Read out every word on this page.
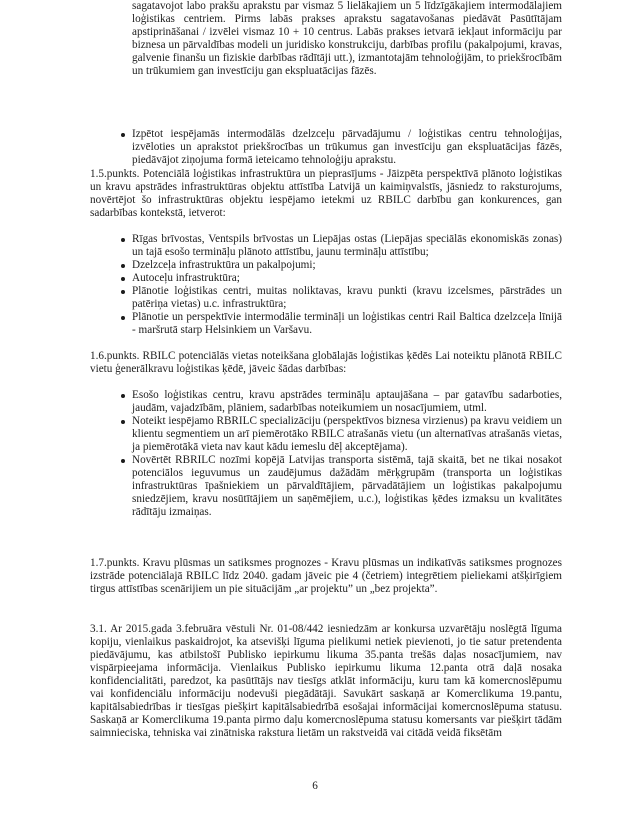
sagatavojot labo prakšu aprakstu par vismaz 5 lielākajiem un 5 līdzīgākajiem intermodālajiem loģistikas centriem. Pirms labās prakses aprakstu sagatavošanas piedāvāt Pasūtītājam apstiprināšanai / izvēlei vismaz 10 + 10 centrus. Labās prakses ietvarā iekļaut informāciju par biznesa un pārvaldības modeli un juridisko konstrukciju, darbības profilu (pakalpojumi, kravas, galvenie finanšu un fiziskie darbības rādītāji utt.), izmantotajām tehnoloģijām, to priekšrocībām un trūkumiem gan investīciju gan ekspluatācijas fāzēs.

Izpētot iespējamās intermodālās dzelzceļu pārvadājumu / loģistikas centru tehnoloģijas, izvēloties un aprakstot priekšrocības un trūkumus gan investīciju gan ekspluatācijas fāzēs, piedāvājot ziņojuma formā ieteicamo tehnoloģiju aprakstu.

1.5.punkts. Potenciālā loģistikas infrastruktūra un pieprasījums - Jāizpēta perspektīvā plānoto loģistikas un kravu apstrādes infrastruktūras objektu attīstība Latvijā un kaimiņvalstīs, jāsniedz to raksturojums, novērtējot šo infrastruktūras objektu iespējamo ietekmi uz RBILC darbību gan konkurences, gan sadarbības kontekstā, ietverot:

Rīgas brīvostas, Ventspils brīvostas un Liepājas ostas (Liepājas speciālās ekonomiskās zonas) un tajā esošo termināļu plānoto attīstību, jaunu termināļu attīstību;
Dzelzceļa infrastruktūra un pakalpojumi;
Autoceļu infrastruktūra;
Plānotie loģistikas centri, muitas noliktavas, kravu punkti (kravu izcelsmes, pārstrādes un patēriņa vietas) u.c. infrastruktūra;
Plānotie un perspektīvie intermodālie termināļi un loģistikas centri Rail Baltica dzelzceļa līnijā - maršrutā starp Helsinkiem un Varšavu.

1.6.punkts. RBILC potenciālās vietas noteikšana globālajās loģistikas ķēdēs Lai noteiktu plānotā RBILC vietu ģenerālkravu loģistikas ķēdē, jāveic šādas darbības:

Esošo loģistikas centru, kravu apstrādes termināļu aptaujāšana – par gatavību sadarboties, jaudām, vajadzībām, plāniem, sadarbības noteikumiem un nosacījumiem, utml.
Noteikt iespējamo RBRILC specializāciju (perspektīvos biznesa virzienus) pa kravu veidiem un klientu segmentiem un arī piemērotāko RBILC atrašanās vietu (un alternatīvas atrašanās vietas, ja piemērotākā vieta nav kaut kādu iemeslu dēļ akceptējama).
Novērtēt RBRILC nozīmi kopējā Latvijas transporta sistēmā, tajā skaitā, bet ne tikai nosakot potenciālos ieguvumus un zaudējumus dažādām mērķgrupām (transporta un loģistikas infrastruktūras īpašniekiem un pārvaldītājiem, pārvadātājiem un loģistikas pakalpojumu sniedzējiem, kravu nosūtītājiem un saņēmējiem, u.c.), loģistikas ķēdes izmaksu un kvalitātes rādītāju izmaiņas.

1.7.punkts. Kravu plūsmas un satiksmes prognozes - Kravu plūsmas un indikatīvās satiksmes prognozes izstrāde potenciālajā RBILC līdz 2040. gadam jāveic pie 4 (četriem) integrētiem pieliekami atšķirīgiem tirgus attīstības scenārijiem un pie situācijām „ar projektu” un „bez projekta”.

3.1. Ar 2015.gada 3.februāra vēstuli Nr. 01-08/442 iesniedzām ar konkursa uzvarētāju noslēgtā līguma kopiju, vienlaikus paskaidrojot, ka atsevišķi līguma pielikumi netiek pievienoti, jo tie satur pretendenta piedāvājumu, kas atbilstošī Publisko iepirkumu likuma 35.panta trešās daļas nosacījumiem, nav vispārpieejama informācija. Vienlaikus Publisko iepirkumu likuma 12.panta otrā daļā nosaka konfidencialitāti, paredzot, ka pasūtītājs nav tiesīgs atklāt informāciju, kuru tam kā komercnoslēpumu vai konfidenciālu informāciju nodevuši piegādātāji. Savukārt saskaņā ar Komerclikuma 19.pantu, kapitālsabiedrības ir tiesīgas piešķirt kapitālsabiedrībā esošajai informācijai komercnoslēpuma statusu. Saskaņā ar Komerclikuma 19.panta pirmo daļu komercnoslēpuma statusu komersants var piešķirt tādām saimnieciska, tehniska vai zinātniska rakstura lietām un rakstveidā vai citādā veidā fiksētām

6
